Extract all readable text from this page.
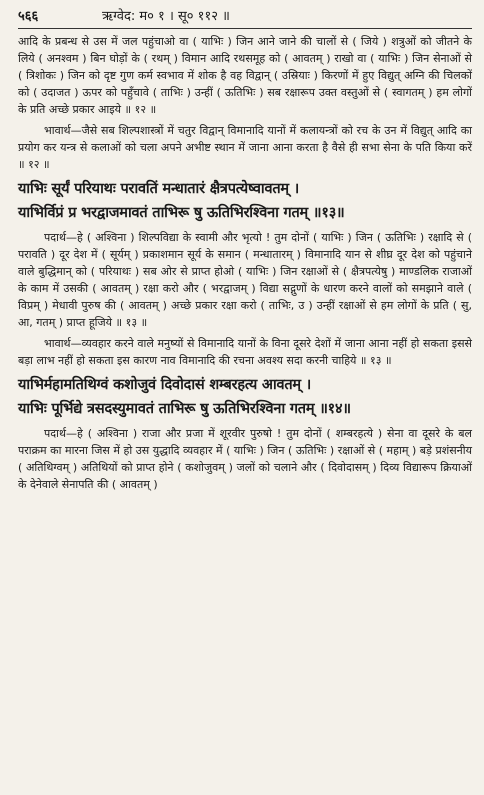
५६६	ऋग्वेद: म० १ । सू० ११२ ॥

आदि के प्रबन्ध से उस में जल पहुंचाओ वा ( याभिः ) जिन आने जाने की चालों से ( जिये ) शत्रुओं को जीतने के लिये ( अनश्वम ) बिन घोड़ों के ( रथम् ) विमान आदि रथसमूह को ( आवतम् ) राखो वा ( याभिः ) जिन सेनाओं से ( त्रिशोकः ) जिन को दृष्ट गुण कर्म स्वभाव में शोक है वह विद्वान् ( उस्रियाः ) किरणों में हुए विद्युत् अग्नि की चिलकों को ( उदाजत ) ऊपर को पहुँचावे ( ताभिः ) उन्हीं ( ऊतिभिः ) सब रक्षारूप उक्त वस्तुओं से ( स्वागतम् ) हम लोगों के प्रति अच्छे प्रकार आइये ॥ १२ ॥

भावार्थ—जैसे सब शिल्पशास्त्रों में चतुर विद्वान् विमानादि यानों में कलायन्त्रों को रच के उन में विद्युत् आदि का प्रयोग कर यन्त्र से कलाओं को चला अपने अभीष्ट स्थान में जाना आना करता है वैसे ही सभा सेना के पति किया करें ॥ १२ ॥

याभिः सूर्यं परियाथः परावतिं मन्धातारं क्षैत्रपत्येष्वावतम् ।
याभिर्विप्रं प्र भरद्वाजमावतं ताभिरू षु ऊतिभिरश्विना गतम् ॥१३॥

पदार्थ—हे ( अश्विना ) शिल्पविद्या के स्वामी और भृत्यो ! तुम दोनों ( याभिः ) जिन ( ऊतिभिः ) रक्षादि से ( परावति ) दूर देश में ( सूर्यम् ) प्रकाशमान सूर्य के समान ( मन्धातारम् ) विमानादि यान से शीघ्र दूर देश को पहुंचाने वाले बुद्धिमान् को ( परियाथः ) सब ओर से प्राप्त होओ ( याभिः ) जिन रक्षाओं से ( क्षैत्रपत्येषु ) माण्डलिक राजाओं के काम में उसकी ( आवतम् ) रक्षा करो और ( भरद्वाजम् ) विद्या सद्गुणों के धारण करने वालों को समझाने वाले ( विप्रम् ) मेधावी पुरुष की ( आवतम् ) अच्छे प्रकार रक्षा करो ( ताभिः, उ ) उन्हीं रक्षाओं से हम लोगों के प्रति ( सु, आ, गतम् ) प्राप्त हूजिये ॥ १३ ॥

भावार्थ—व्यवहार करने वाले मनुष्यों से विमानादि यानों के विना दूसरे देशों में जाना आना नहीं हो सकता इससे बड़ा लाभ नहीं हो सकता इस कारण नाव विमानादि की रचना अवश्य सदा करनी चाहिये ॥ १३ ॥

याभिर्महामतिथिग्वं कशोजुवं दिवोदासं शम्बरहत्य आवतम् ।
याभिः पूर्भिद्ये त्रसदस्युमावतं ताभिरू षु ऊतिभिरश्विना गतम् ॥१४॥

पदार्थ—हे ( अश्विना ) राजा और प्रजा में शूरवीर पुरुषो ! तुम दोनों ( शम्बरहत्ये ) सेना वा दूसरे के बल पराक्रम का मारना जिस में हो उस युद्धादि व्यवहार में ( याभिः ) जिन ( ऊतिभिः ) रक्षाओं से ( महाम् ) बड़े प्रशंसनीय ( अतिथिग्वम् ) अतिथियों को प्राप्त होने ( कशोजुवम् ) जलों को चलाने और ( दिवोदासम् ) दिव्य विद्यारूप क्रियाओं के देनेवाले सेनापति की ( आवतम् )
